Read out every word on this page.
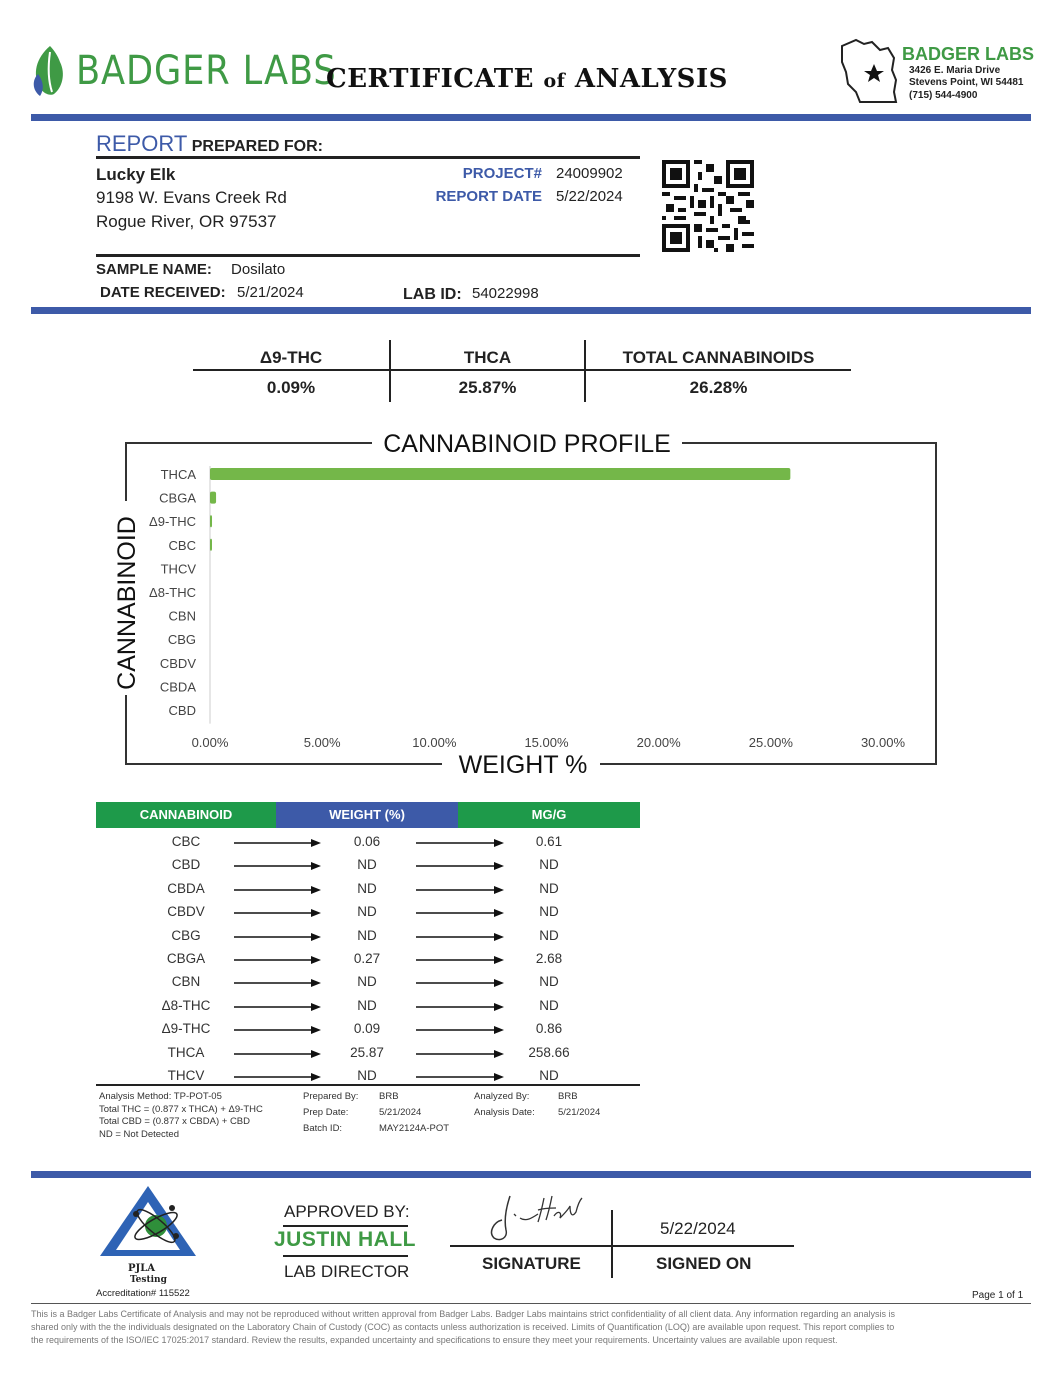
BADGER LABS
CERTIFICATE of ANALYSIS
BADGER LABS
3426 E. Maria Drive
Stevens Point, WI 54481
(715) 544-4900
REPORT PREPARED FOR:
Lucky Elk
9198 W. Evans Creek Rd
Rogue River, OR 97537
PROJECT# 24009902
REPORT DATE 5/22/2024
SAMPLE NAME: Dosilato
DATE RECEIVED: 5/21/2024	LAB ID: 54022998
Δ9-THC	THCA	TOTAL CANNABINOIDS
0.09%	25.87%	26.28%
THCA
CBGA
Δ9-THC
CBC
THCV
Δ8-THC
CBN
CBG
CBDV
CBDA
CBD
0.00%	5.00%	10.00%	15.00%	20.00%	25.00%	30.00%
CANNABINOID PROFILE
WEIGHT %
CANNABINOID
CANNABINOID	WEIGHT (%)	MG/G
CBC	0.06	0.61
CBD	ND	ND
CBDA	ND	ND
CBDV	ND	ND
CBG	ND	ND
CBGA	0.27	2.68
CBN	ND	ND
Δ8-THC	ND	ND
Δ9-THC	0.09	0.86
THCA	25.87	258.66
THCV	ND	ND
Analysis Method: TP-POT-05
Total THC = (0.877 x THCA) + Δ9-THC
Total CBD = (0.877 x CBDA) + CBD
ND = Not Detected
Prepared By: BRB
Prep Date:	5/21/2024
Batch ID:	MAY2124A-POT
Analyzed By:	BRB
Analysis Date: 5/21/2024
PJLA
Testing
Accreditation# 115522
APPROVED BY:
JUSTIN HALL
LAB DIRECTOR	SIGNATURE
5/22/2024
SIGNED ON
Page 1 of 1
This is a Badger Labs Certificate of Analysis and may not be reproduced without written approval from Badger Labs. Badger Labs maintains strict confidentiality of all client data. Any information regarding an analysis is
shared only with the the individuals designated on the Laboratory Chain of Custody (COC) as contacts unless authorization is received. Limits of Quantification (LOQ) are available upon request. This report complies to
the requirements of the ISO/IEC 17025:2017 standard. Review the results, expanded uncertainty and specifications to ensure they meet your requirements. Uncertainty values are available upon request.
